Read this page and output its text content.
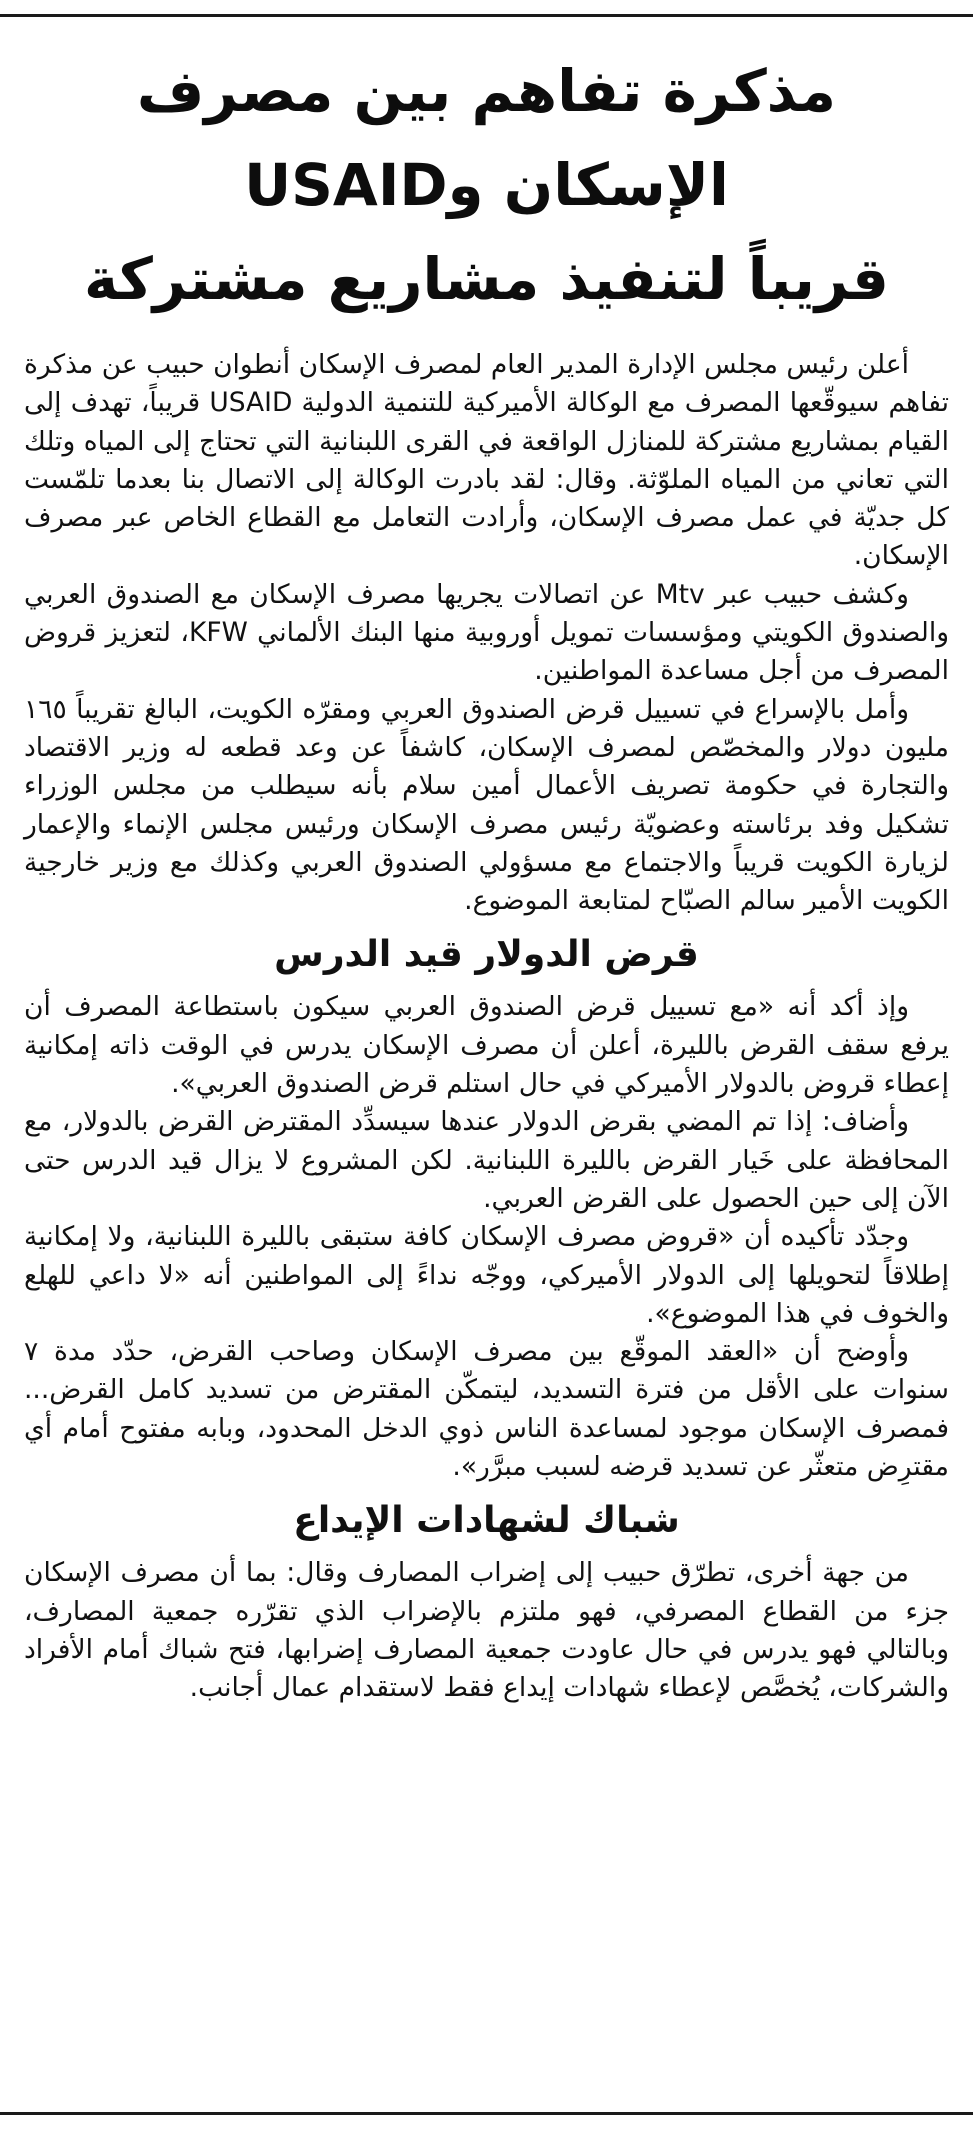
مذكرة تفاهم بين مصرف الإسكان وUSAID
قريباً لتنفيذ مشاريع مشتركة

أعلن رئيس مجلس الإدارة المدير العام لمصرف الإسكان أنطوان حبيب عن مذكرة تفاهم سيوقّعها المصرف مع الوكالة الأميركية للتنمية الدولية USAID قريباً، تهدف إلى القيام بمشاريع مشتركة للمنازل الواقعة في القرى اللبنانية التي تحتاج إلى المياه وتلك التي تعاني من المياه الملوّثة. وقال: لقد بادرت الوكالة إلى الاتصال بنا بعدما تلمّست كل جديّة في عمل مصرف الإسكان، وأرادت التعامل مع القطاع الخاص عبر مصرف الإسكان.

وكشف حبيب عبر Mtv عن اتصالات يجريها مصرف الإسكان مع الصندوق العربي والصندوق الكويتي ومؤسسات تمويل أوروبية منها البنك الألماني KFW، لتعزيز قروض المصرف من أجل مساعدة المواطنين.

وأمل بالإسراع في تسييل قرض الصندوق العربي ومقرّه الكويت، البالغ تقريباً ١٦٥ مليون دولار والمخصّص لمصرف الإسكان، كاشفاً عن وعد قطعه له وزير الاقتصاد والتجارة في حكومة تصريف الأعمال أمين سلام بأنه سيطلب من مجلس الوزراء تشكيل وفد برئاسته وعضويّة رئيس مصرف الإسكان ورئيس مجلس الإنماء والإعمار لزيارة الكويت قريباً والاجتماع مع مسؤولي الصندوق العربي وكذلك مع وزير خارجية الكويت الأمير سالم الصبّاح لمتابعة الموضوع.

قرض الدولار قيد الدرس

وإذ أكد أنه «مع تسييل قرض الصندوق العربي سيكون باستطاعة المصرف أن يرفع سقف القرض بالليرة، أعلن أن مصرف الإسكان يدرس في الوقت ذاته إمكانية إعطاء قروض بالدولار الأميركي في حال استلم قرض الصندوق العربي».

وأضاف: إذا تم المضي بقرض الدولار عندها سيسدِّد المقترض القرض بالدولار، مع المحافظة على خَيار القرض بالليرة اللبنانية. لكن المشروع لا يزال قيد الدرس حتى الآن إلى حين الحصول على القرض العربي.

وجدّد تأكيده أن «قروض مصرف الإسكان كافة ستبقى بالليرة اللبنانية، ولا إمكانية إطلاقاً لتحويلها إلى الدولار الأميركي، ووجّه نداءً إلى المواطنين أنه «لا داعي للهلع والخوف في هذا الموضوع».

وأوضح أن «العقد الموقّع بين مصرف الإسكان وصاحب القرض، حدّد مدة ٧ سنوات على الأقل من فترة التسديد، ليتمكّن المقترض من تسديد كامل القرض... فمصرف الإسكان موجود لمساعدة الناس ذوي الدخل المحدود، وبابه مفتوح أمام أي مقترِض متعثّر عن تسديد قرضه لسبب مبرَّر».

شباك لشهادات الإيداع

من جهة أخرى، تطرّق حبيب إلى إضراب المصارف وقال: بما أن مصرف الإسكان جزء من القطاع المصرفي، فهو ملتزم بالإضراب الذي تقرّره جمعية المصارف، وبالتالي فهو يدرس في حال عاودت جمعية المصارف إضرابها، فتح شباك أمام الأفراد والشركات، يُخصَّص لإعطاء شهادات إيداع فقط لاستقدام عمال أجانب.
